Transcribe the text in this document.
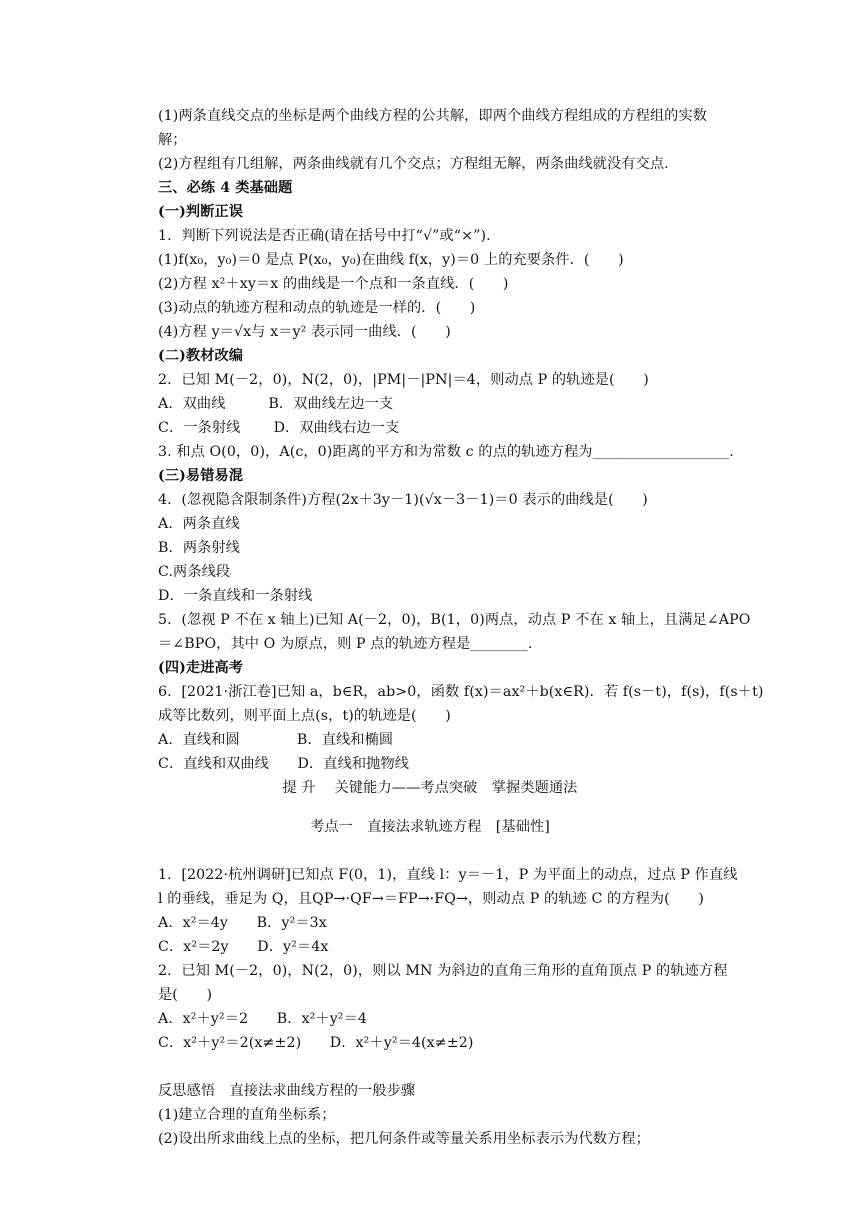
(1)两条直线交点的坐标是两个曲线方程的公共解，即两个曲线方程组成的方程组的实数
解；
(2)方程组有几组解，两条曲线就有几个交点；方程组无解，两条曲线就没有交点.
三、必练 4 类基础题
(一)判断正误
1．判断下列说法是否正确(请在括号中打“√”或“×”).
(1)f(x₀，y₀)＝0 是点 P(x₀，y₀)在曲线 f(x，y)＝0 上的充要条件．(　　)
(2)方程 x²＋xy＝x 的曲线是一个点和一条直线．(　　)
(3)动点的轨迹方程和动点的轨迹是一样的．(　　)
(4)方程 y＝√x与 x＝y² 表示同一曲线．(　　)
(二)教材改编
2．已知 M(－2，0)，N(2，0)，|PM|－|PN|＝4，则动点 P 的轨迹是(　　)
A．双曲线　　　B．双曲线左边一支
C．一条射线　　 D．双曲线右边一支
3. 和点 O(0，0)，A(c，0)距离的平方和为常数 c 的点的轨迹方程为___________________.
(三)易错易混
4．(忽视隐含限制条件)方程(2x＋3y－1)(√x－3－1)＝0 表示的曲线是(　　)
A．两条直线
B．两条射线
C.两条线段
D．一条直线和一条射线
5．(忽视 P 不在 x 轴上)已知 A(－2，0)，B(1，0)两点，动点 P 不在 x 轴上，且满足∠APO
＝∠BPO，其中 O 为原点，则 P 点的轨迹方程是________.
(四)走进高考
6．[2021·浙江卷]已知 a，b∈R，ab>0，函数 f(x)＝ax²＋b(x∈R)．若 f(s－t)，f(s)，f(s＋t)
成等比数列，则平面上点(s，t)的轨迹是(　　)
A．直线和圆　　　　B．直线和椭圆
C．直线和双曲线　　D．直线和抛物线
提 升　 关键能力——考点突破　掌握类题通法
考点一　直接法求轨迹方程　[基础性]
1．[2022·杭州调研]已知点 F(0，1)，直线 l：y＝－1，P 为平面上的动点，过点 P 作直线
l 的垂线，垂足为 Q，且QP→·QF→＝FP→·FQ→，则动点 P 的轨迹 C 的方程为(　　)
A．x²＝4y　　B．y²＝3x
C．x²＝2y　　D．y²＝4x
2．已知 M(－2，0)，N(2，0)，则以 MN 为斜边的直角三角形的直角顶点 P 的轨迹方程
是(　　)
A．x²＋y²＝2　　B．x²＋y²＝4
C．x²＋y²＝2(x≠±2)　　D．x²＋y²＝4(x≠±2)
反思感悟　直接法求曲线方程的一般步骤
(1)建立合理的直角坐标系；
(2)设出所求曲线上点的坐标，把几何条件或等量关系用坐标表示为代数方程；
